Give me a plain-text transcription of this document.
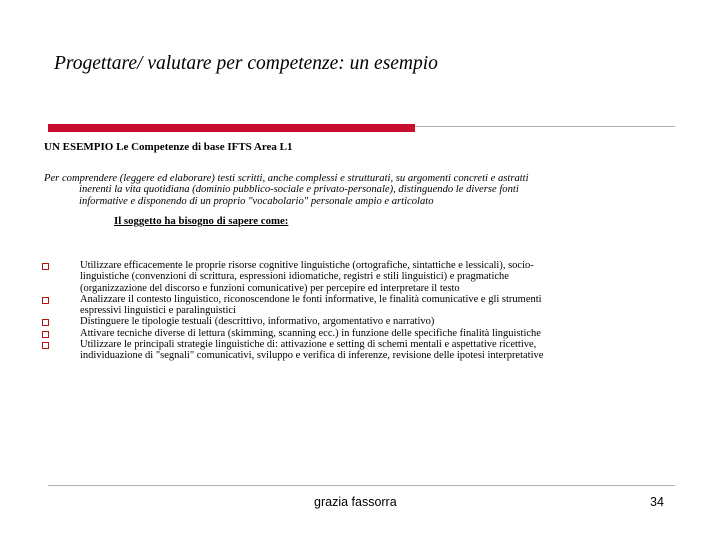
Progettare/ valutare per competenze: un esempio
UN ESEMPIO Le Competenze di base IFTS Area L1
Per comprendere (leggere ed elaborare) testi scritti, anche complessi e strutturati, su argomenti concreti e astratti
inerenti la vita quotidiana (dominio pubblico-sociale e privato-personale), distinguendo le diverse fonti
informative e disponendo di un proprio "vocabolario" personale ampio e articolato
Il soggetto ha bisogno di sapere come:
Utilizzare efficacemente le proprie risorse cognitive linguistiche (ortografiche, sintattiche e lessicali), socio-
linguistiche (convenzioni di scrittura, espressioni idiomatiche, registri e stili linguistici) e pragmatiche
(organizzazione del discorso e funzioni comunicative) per percepire ed interpretare il testo
Analizzare il contesto linguistico, riconoscendone le fonti informative, le finalità comunicative e gli strumenti
espressivi linguistici e paralinguistici
Distinguere le tipologie testuali (descrittivo, informativo, argomentativo e narrativo)
Attivare tecniche diverse di lettura (skimming, scanning ecc.) in funzione delle specifiche finalità linguistiche
Utilizzare le principali strategie linguistiche di: attivazione e setting di schemi mentali e aspettative ricettive,
individuazione di "segnali" comunicativi, sviluppo e verifica di inferenze, revisione delle ipotesi interpretative
grazia fassorra	34
